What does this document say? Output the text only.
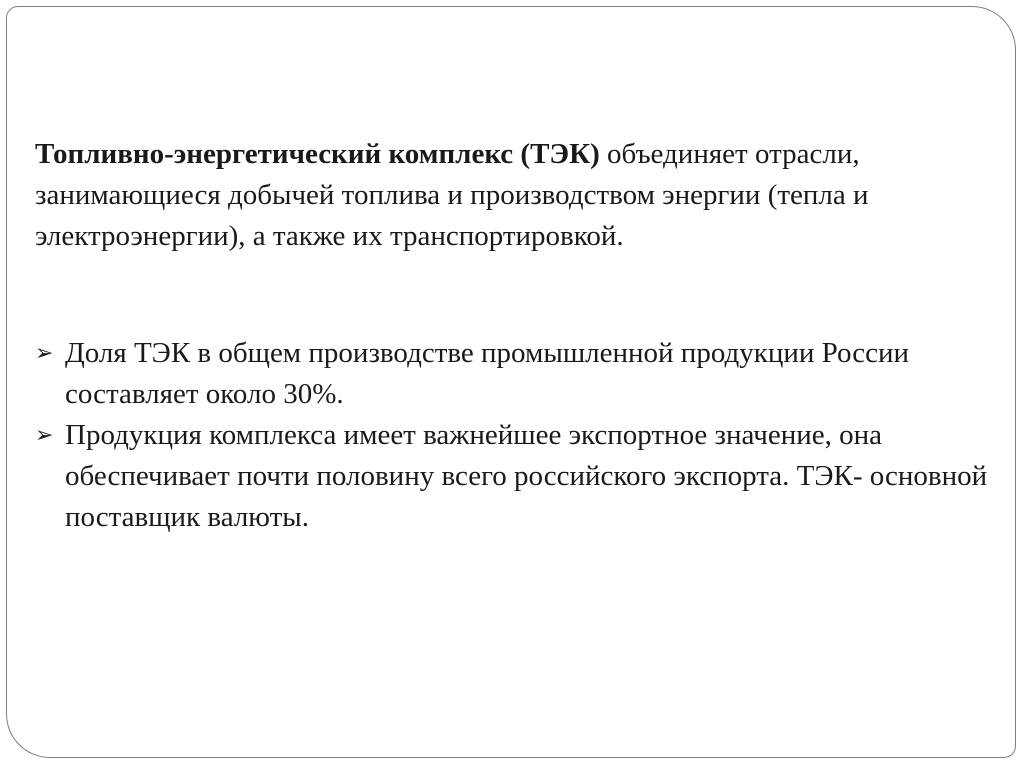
Топливно-энергетический комплекс (ТЭК) объединяет отрасли, занимающиеся добычей топлива и производством энергии (тепла и электроэнергии), а также их транспортировкой.

➢ Доля ТЭК в общем производстве промышленной продукции России составляет около 30%.
➢ Продукция комплекса имеет важнейшее экспортное значение, она обеспечивает почти половину всего российского экспорта. ТЭК- основной поставщик валюты.
